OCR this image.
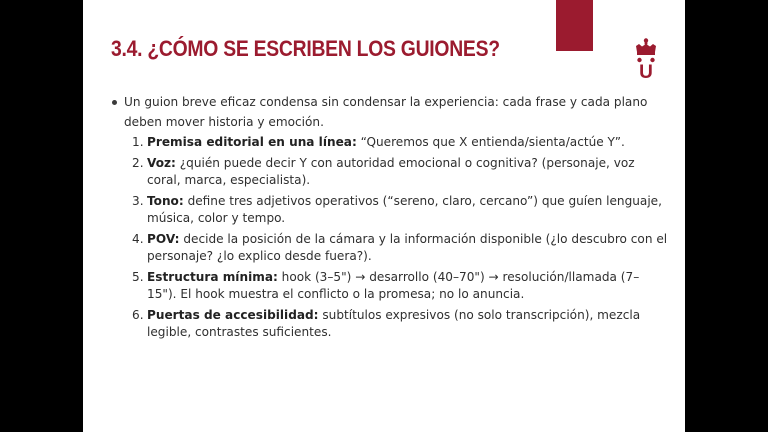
U
3.4. ¿CÓMO SE ESCRIBEN LOS GUIONES?
Un guion breve eficaz condensa sin condensar la experiencia: cada frase y cada plano deben mover historia y emoción.
1. Premisa editorial en una línea: “Queremos que X entienda/sienta/actúe Y”.
2. Voz: ¿quién puede decir Y con autoridad emocional o cognitiva? (personaje, voz coral, marca, especialista).
3. Tono: define tres adjetivos operativos (“sereno, claro, cercano”) que guíen lenguaje, música, color y tempo.
4. POV: decide la posición de la cámara y la información disponible (¿lo descubro con el personaje? ¿lo explico desde fuera?).
5. Estructura mínima: hook (3–5") → desarrollo (40–70") → resolución/llamada (7–15"). El hook muestra el conflicto o la promesa; no lo anuncia.
6. Puertas de accesibilidad: subtítulos expresivos (no solo transcripción), mezcla legible, contrastes suficientes.
